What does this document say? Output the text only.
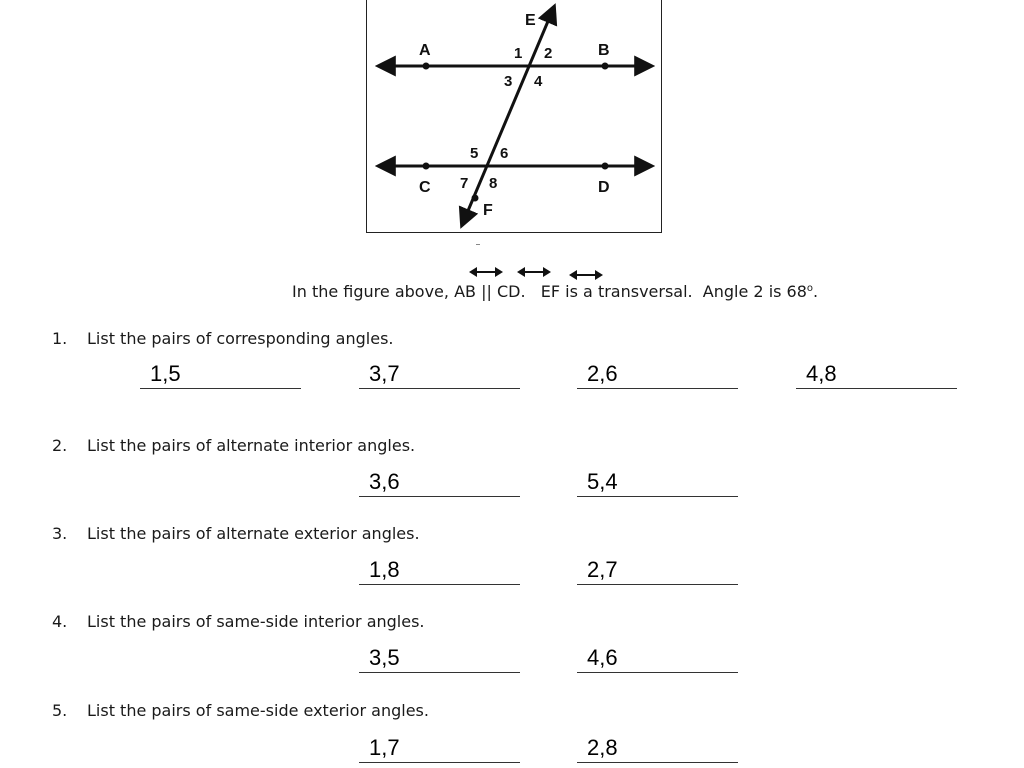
A	B
C	D
E
F
1 2
3 4
5 6
7 8
In the figure above, AB || CD.   EF is a transversal.  Angle 2 is 68$^o$.
1. List the pairs of corresponding angles.
1,5	3,7	2,6	4,8
2. List the pairs of alternate interior angles.
3,6	5,4
3. List the pairs of alternate exterior angles.
1,8	2,7
4. List the pairs of same-side interior angles.
3,5	4,6
5. List the pairs of same-side exterior angles.
1,7	2,8
